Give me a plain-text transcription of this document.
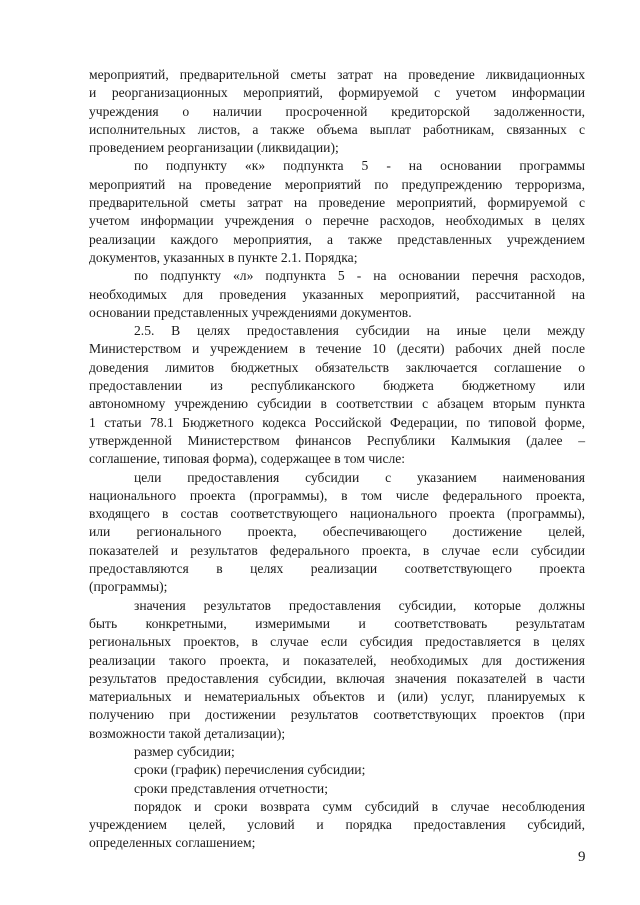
мероприятий, предварительной сметы затрат на проведение ликвидационных
и реорганизационных мероприятий, формируемой с учетом информации
учреждения о наличии просроченной кредиторской задолженности,
исполнительных листов, а также объема выплат работникам, связанных с
проведением реорганизации (ликвидации);
по подпункту «к» подпункта 5 - на основании программы
мероприятий на проведение мероприятий по предупреждению терроризма,
предварительной сметы затрат на проведение мероприятий, формируемой с
учетом информации учреждения о перечне расходов, необходимых в целях
реализации каждого мероприятия, а также представленных учреждением
документов, указанных в пункте 2.1. Порядка;
по подпункту «л» подпункта 5 - на основании перечня расходов,
необходимых для проведения указанных мероприятий, рассчитанной на
основании представленных учреждениями документов.
2.5. В целях предоставления субсидии на иные цели между
Министерством и учреждением в течение 10 (десяти) рабочих дней после
доведения лимитов бюджетных обязательств заключается соглашение о
предоставлении из республиканского бюджета бюджетному или
автономному учреждению субсидии в соответствии с абзацем вторым пункта
1 статьи 78.1 Бюджетного кодекса Российской Федерации, по типовой форме,
утвержденной Министерством финансов Республики Калмыкия (далее –
соглашение, типовая форма), содержащее в том числе:
цели предоставления субсидии с указанием наименования
национального проекта (программы), в том числе федерального проекта,
входящего в состав соответствующего национального проекта (программы),
или регионального проекта, обеспечивающего достижение целей,
показателей и результатов федерального проекта, в случае если субсидии
предоставляются в целях реализации соответствующего проекта
(программы);
значения результатов предоставления субсидии, которые должны
быть конкретными, измеримыми и соответствовать результатам
региональных проектов, в случае если субсидия предоставляется в целях
реализации такого проекта, и показателей, необходимых для достижения
результатов предоставления субсидии, включая значения показателей в части
материальных и нематериальных объектов и (или) услуг, планируемых к
получению при достижении результатов соответствующих проектов (при
возможности такой детализации);
размер субсидии;
сроки (график) перечисления субсидии;
сроки представления отчетности;
порядок и сроки возврата сумм субсидий в случае несоблюдения
учреждением целей, условий и порядка предоставления субсидий,
определенных соглашением;
9
